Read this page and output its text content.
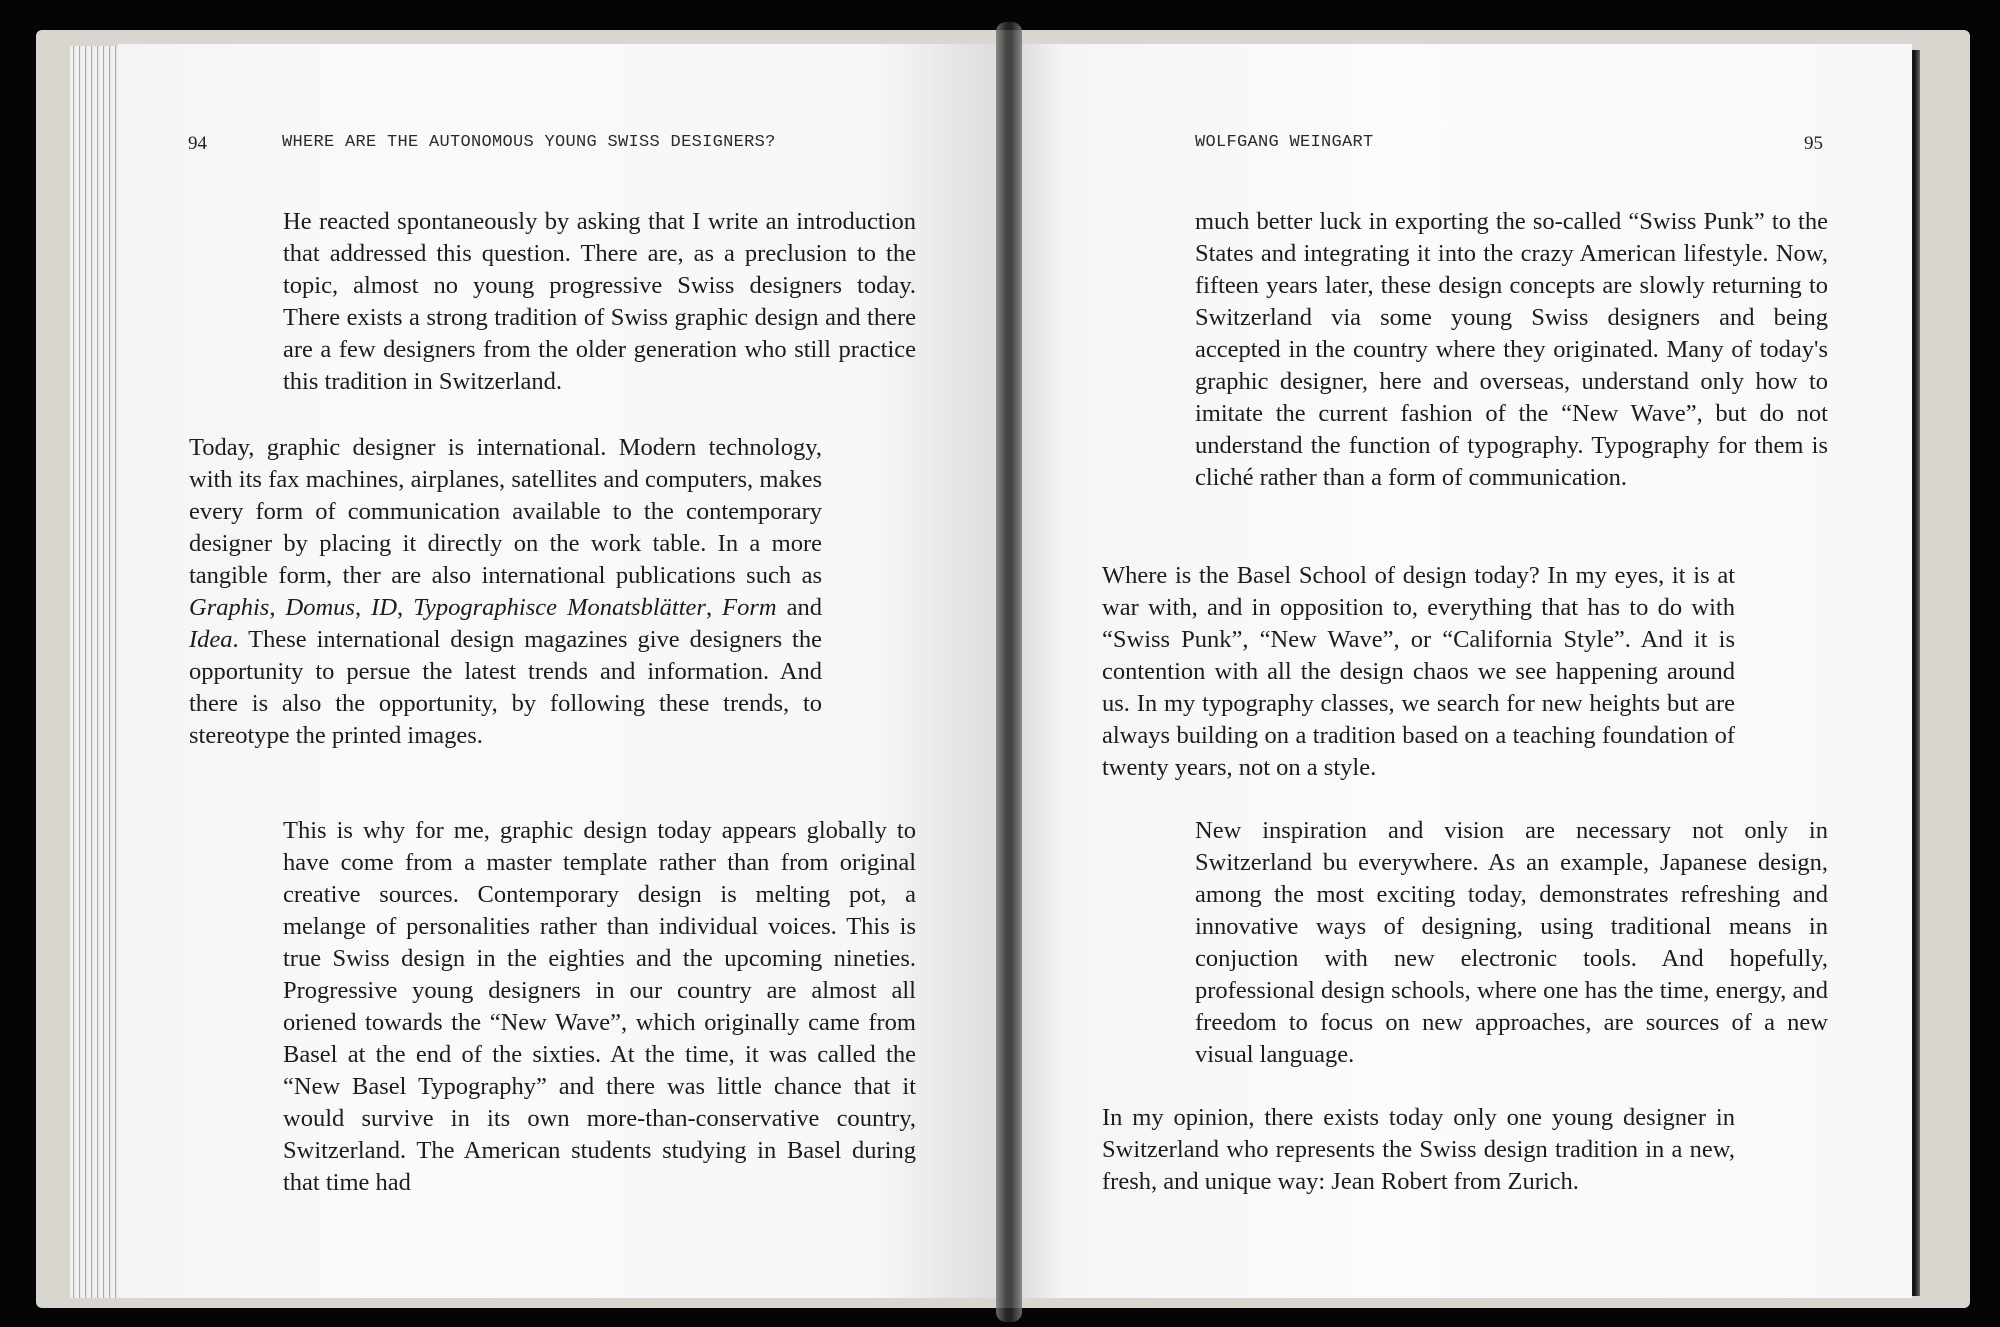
94	WHERE ARE THE AUTONOMOUS YOUNG SWISS DESIGNERS?	WOLFGANG WEINGART	95

He reacted spontaneously by asking that I write an introduction that addressed this question. There are, as a preclusion to the topic, almost no young progressive Swiss designers today. There exists a strong tradition of Swiss graphic design and there are a few designers from the older generation who still practice this tradition in Switzerland.

Today, graphic designer is international. Modern technology, with its fax machines, airplanes, satellites and computers, makes every form of communication available to the contemporary designer by placing it directly on the work table. In a more tangible form, ther are also international publications such as Graphis, Domus, ID, Typographisce Monatsblätter, Form and Idea. These international design magazines give designers the opportunity to persue the latest trends and information. And there is also the opportunity, by following these trends, to stereotype the printed images.

This is why for me, graphic design today appears globally to have come from a master template rather than from original creative sources. Contemporary design is melting pot, a melange of personalities rather than individual voices. This is true Swiss design in the eighties and the upcoming nineties. Progressive young designers in our country are almost all oriened towards the “New Wave”, which originally came from Basel at the end of the sixties. At the time, it was called the “New Basel Typography” and there was little chance that it would survive in its own more-than-conservative country, Switzerland. The American students studying in Basel during that time had

much better luck in exporting the so-called “Swiss Punk” to the States and integrating it into the crazy American lifestyle. Now, fifteen years later, these design concepts are slowly returning to Switzerland via some young Swiss designers and being accepted in the country where they originated. Many of today's graphic designer, here and overseas, understand only how to imitate the current fashion of the “New Wave”, but do not understand the function of typography. Typography for them is cliché rather than a form of communication.

Where is the Basel School of design today? In my eyes, it is at war with, and in opposition to, everything that has to do with “Swiss Punk”, “New Wave”, or “California Style”. And it is contention with all the design chaos we see happening around us. In my typography classes, we search for new heights but are always building on a tradition based on a teaching foundation of twenty years, not on a style.

New inspiration and vision are necessary not only in Switzerland bu everywhere. As an example, Japanese design, among the most exciting today, demonstrates refreshing and innovative ways of designing, using traditional means in conjuction with new electronic tools. And hopefully, professional design schools, where one has the time, energy, and freedom to focus on new approaches, are sources of a new visual language.

In my opinion, there exists today only one young designer in Switzerland who represents the Swiss design tradition in a new, fresh, and unique way: Jean Robert from Zurich.
